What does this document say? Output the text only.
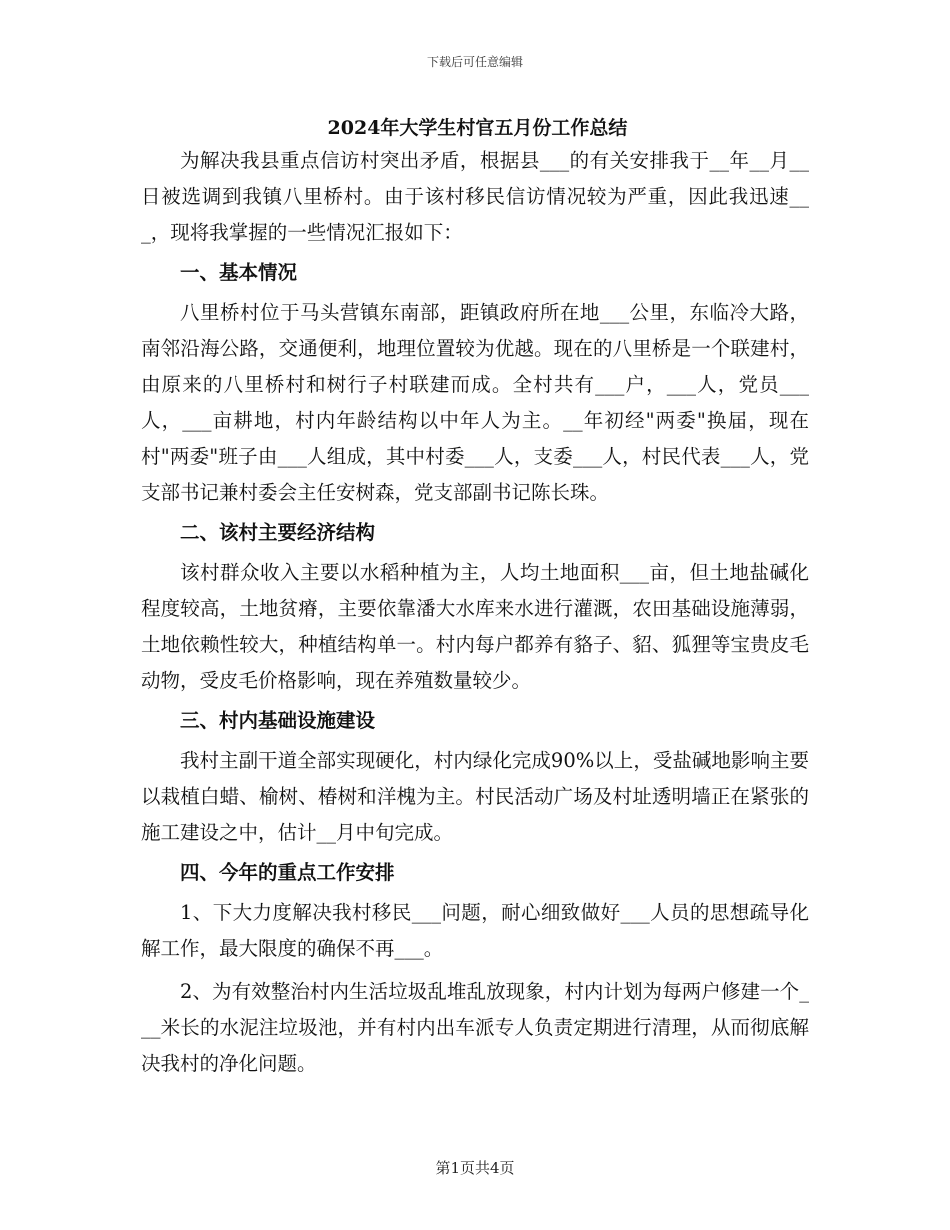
下载后可任意编辑
2024年大学生村官五月份工作总结

为解决我县重点信访村突出矛盾，根据县___的有关安排我于__年__月__日被选调到我镇八里桥村。由于该村移民信访情况较为严重，因此我迅速___，现将我掌握的一些情况汇报如下：

一、基本情况

八里桥村位于马头营镇东南部，距镇政府所在地___公里，东临冷大路，南邻沿海公路，交通便利，地理位置较为优越。现在的八里桥是一个联建村，由原来的八里桥村和树行子村联建而成。全村共有___户，___人，党员___人，___亩耕地，村内年龄结构以中年人为主。__年初经"两委"换届，现在村"两委"班子由___人组成，其中村委___人，支委___人，村民代表___人，党支部书记兼村委会主任安树森，党支部副书记陈长珠。

二、该村主要经济结构

该村群众收入主要以水稻种植为主，人均土地面积___亩，但土地盐碱化程度较高，土地贫瘠，主要依靠潘大水库来水进行灌溉，农田基础设施薄弱，土地依赖性较大，种植结构单一。村内每户都养有貉子、貂、狐狸等宝贵皮毛动物，受皮毛价格影响，现在养殖数量较少。

三、村内基础设施建设

我村主副干道全部实现硬化，村内绿化完成90%以上，受盐碱地影响主要以栽植白蜡、榆树、椿树和洋槐为主。村民活动广场及村址透明墙正在紧张的施工建设之中，估计__月中旬完成。

四、今年的重点工作安排

1、下大力度解决我村移民___问题，耐心细致做好___人员的思想疏导化解工作，最大限度的确保不再___。

2、为有效整治村内生活垃圾乱堆乱放现象，村内计划为每两户修建一个___米长的水泥注垃圾池，并有村内出车派专人负责定期进行清理，从而彻底解决我村的净化问题。

第1页共4页
